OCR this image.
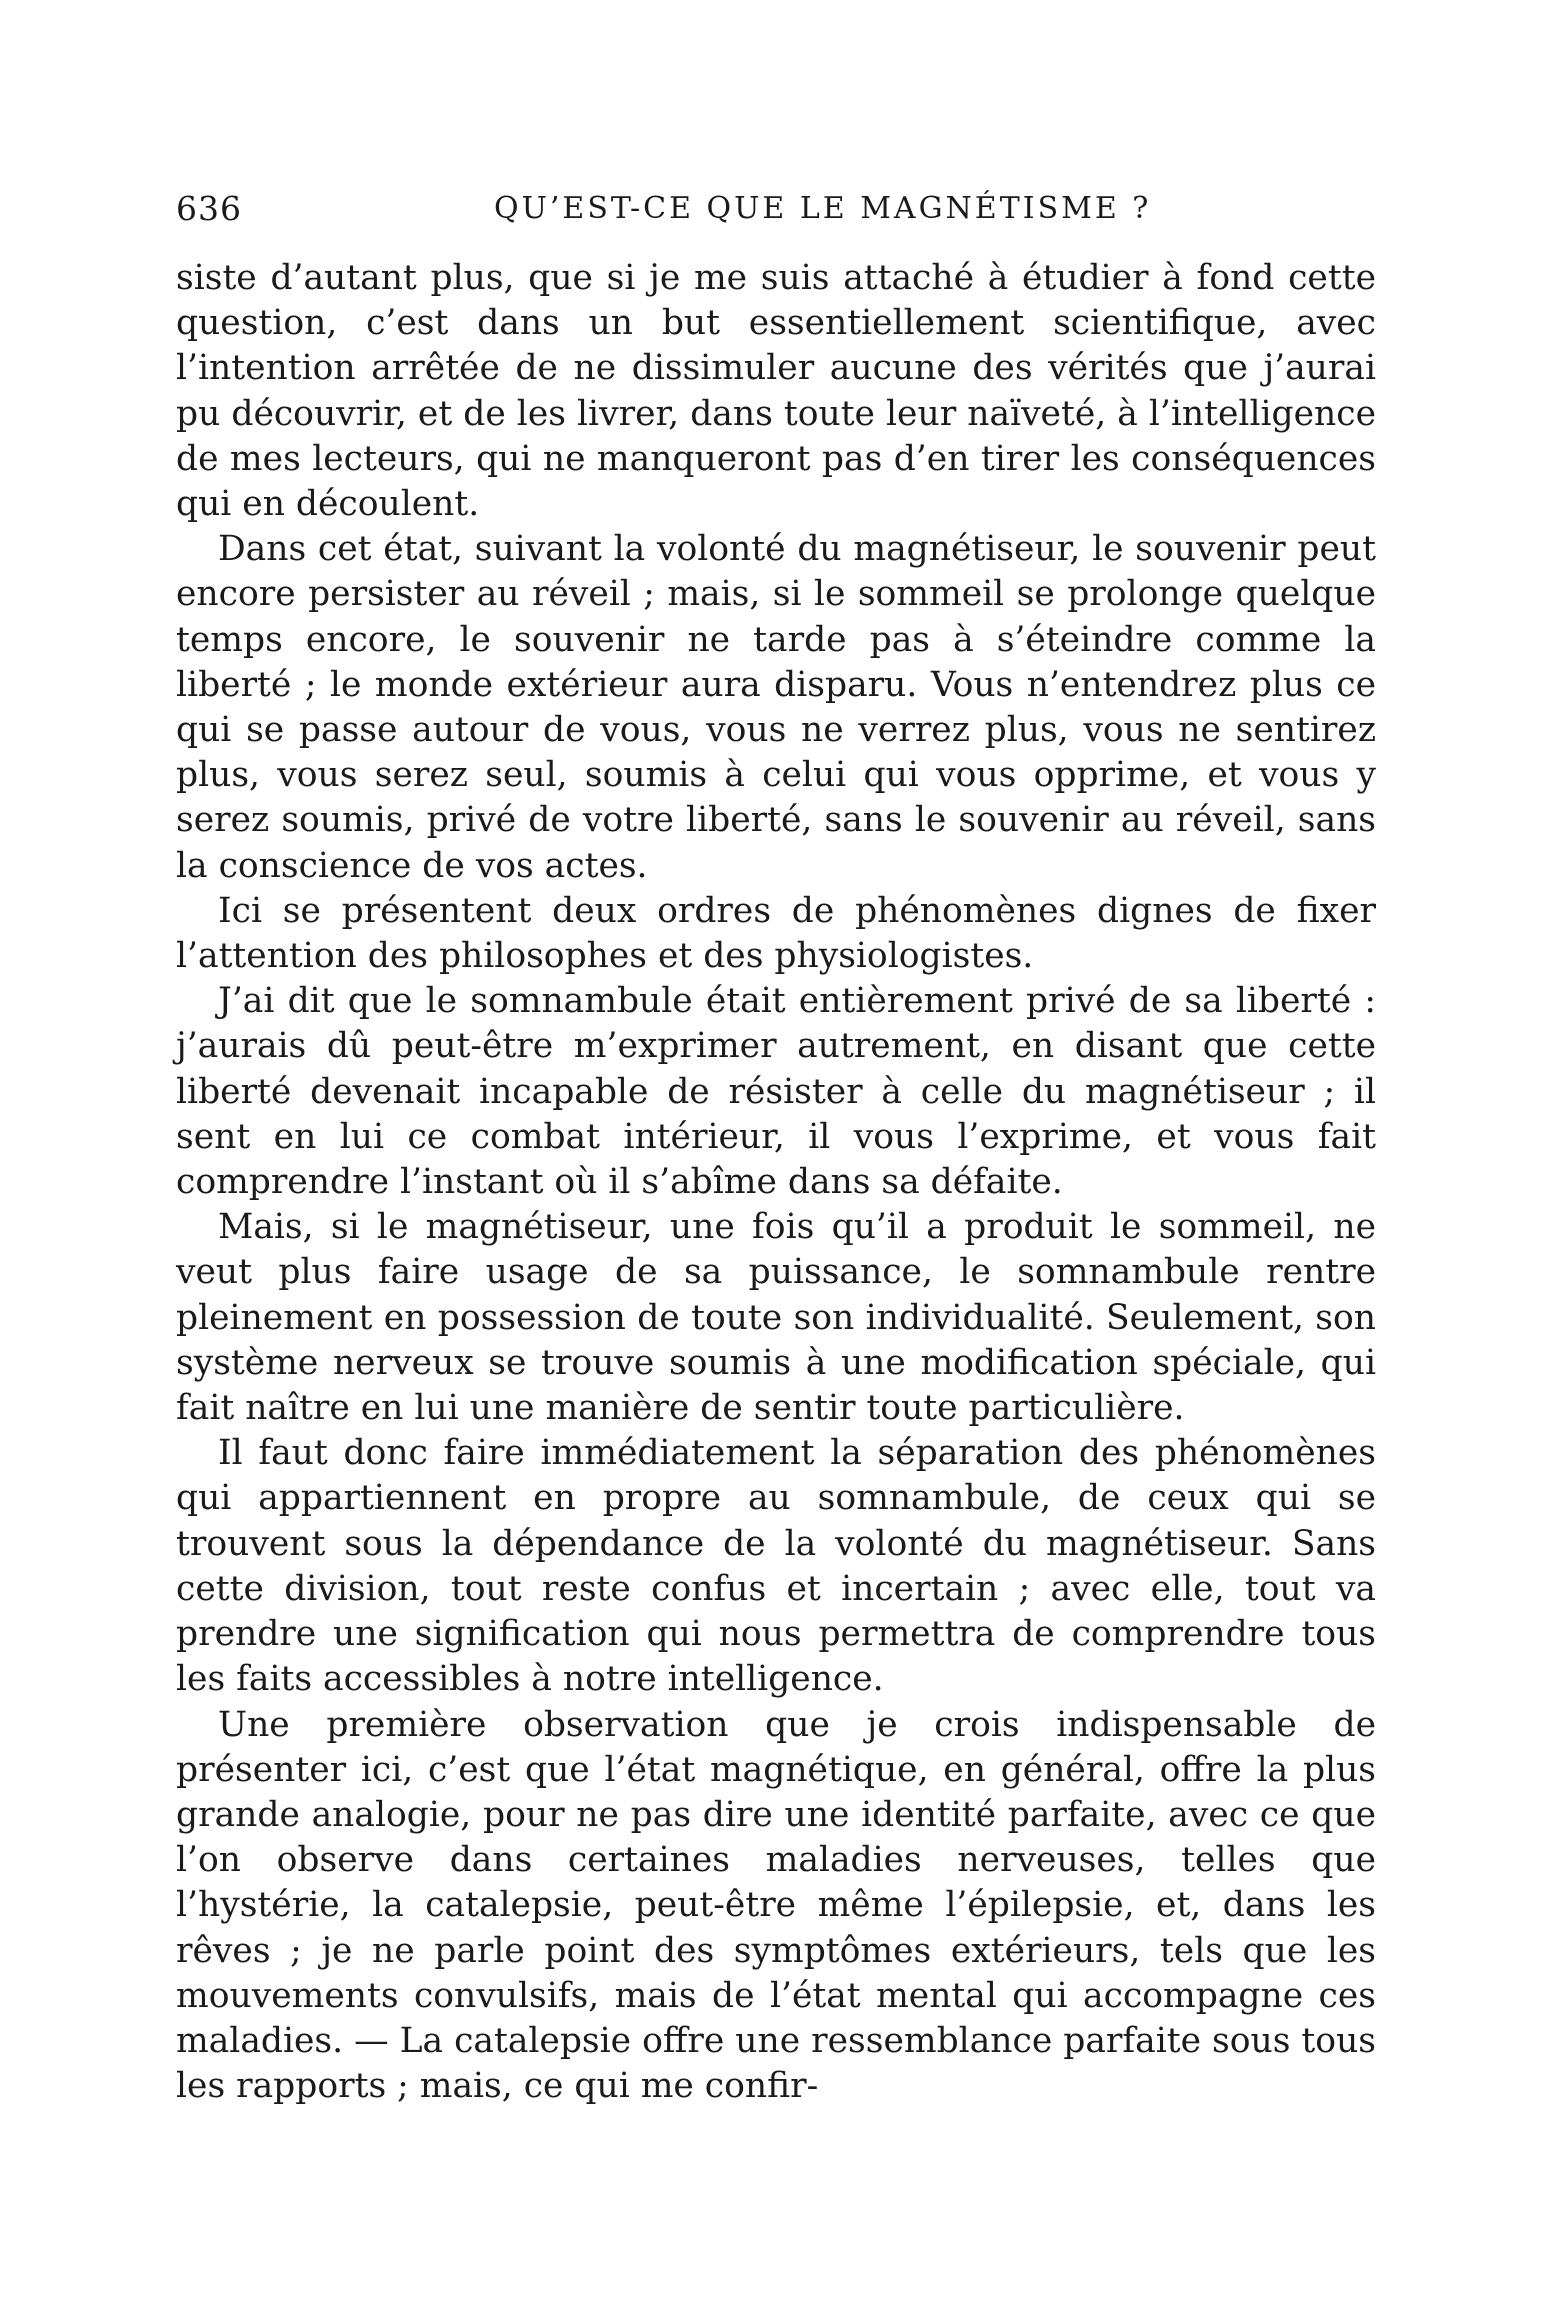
636	QU’EST-CE QUE LE MAGNÉTISME ?

siste d’autant plus, que si je me suis attaché à étudier à fond cette question, c’est dans un but essentiellement scientifique, avec l’intention arrêtée de ne dissimuler aucune des vérités que j’aurai pu découvrir, et de les livrer, dans toute leur naïveté, à l’intelligence de mes lecteurs, qui ne manqueront pas d’en tirer les conséquences qui en découlent.

Dans cet état, suivant la volonté du magnétiseur, le souvenir peut encore persister au réveil ; mais, si le sommeil se prolonge quelque temps encore, le souvenir ne tarde pas à s’éteindre comme la liberté ; le monde extérieur aura disparu. Vous n’entendrez plus ce qui se passe autour de vous, vous ne verrez plus, vous ne sentirez plus, vous serez seul, soumis à celui qui vous opprime, et vous y serez soumis, privé de votre liberté, sans le souvenir au réveil, sans la conscience de vos actes.

Ici se présentent deux ordres de phénomènes dignes de fixer l’attention des philosophes et des physiologistes.

J’ai dit que le somnambule était entièrement privé de sa liberté : j’aurais dû peut-être m’exprimer autrement, en disant que cette liberté devenait incapable de résister à celle du magnétiseur ; il sent en lui ce combat intérieur, il vous l’exprime, et vous fait comprendre l’instant où il s’abîme dans sa défaite.

Mais, si le magnétiseur, une fois qu’il a produit le sommeil, ne veut plus faire usage de sa puissance, le somnambule rentre pleinement en possession de toute son individualité. Seulement, son système nerveux se trouve soumis à une modification spéciale, qui fait naître en lui une manière de sentir toute particulière.

Il faut donc faire immédiatement la séparation des phénomènes qui appartiennent en propre au somnambule, de ceux qui se trouvent sous la dépendance de la volonté du magnétiseur. Sans cette division, tout reste confus et incertain ; avec elle, tout va prendre une signification qui nous permettra de comprendre tous les faits accessibles à notre intelligence.

Une première observation que je crois indispensable de présenter ici, c’est que l’état magnétique, en général, offre la plus grande analogie, pour ne pas dire une identité parfaite, avec ce que l’on observe dans certaines maladies nerveuses, telles que l’hystérie, la catalepsie, peut-être même l’épilepsie, et, dans les rêves ; je ne parle point des symptômes extérieurs, tels que les mouvements convulsifs, mais de l’état mental qui accompagne ces maladies. — La catalepsie offre une ressemblance parfaite sous tous les rapports ; mais, ce qui me confir-
